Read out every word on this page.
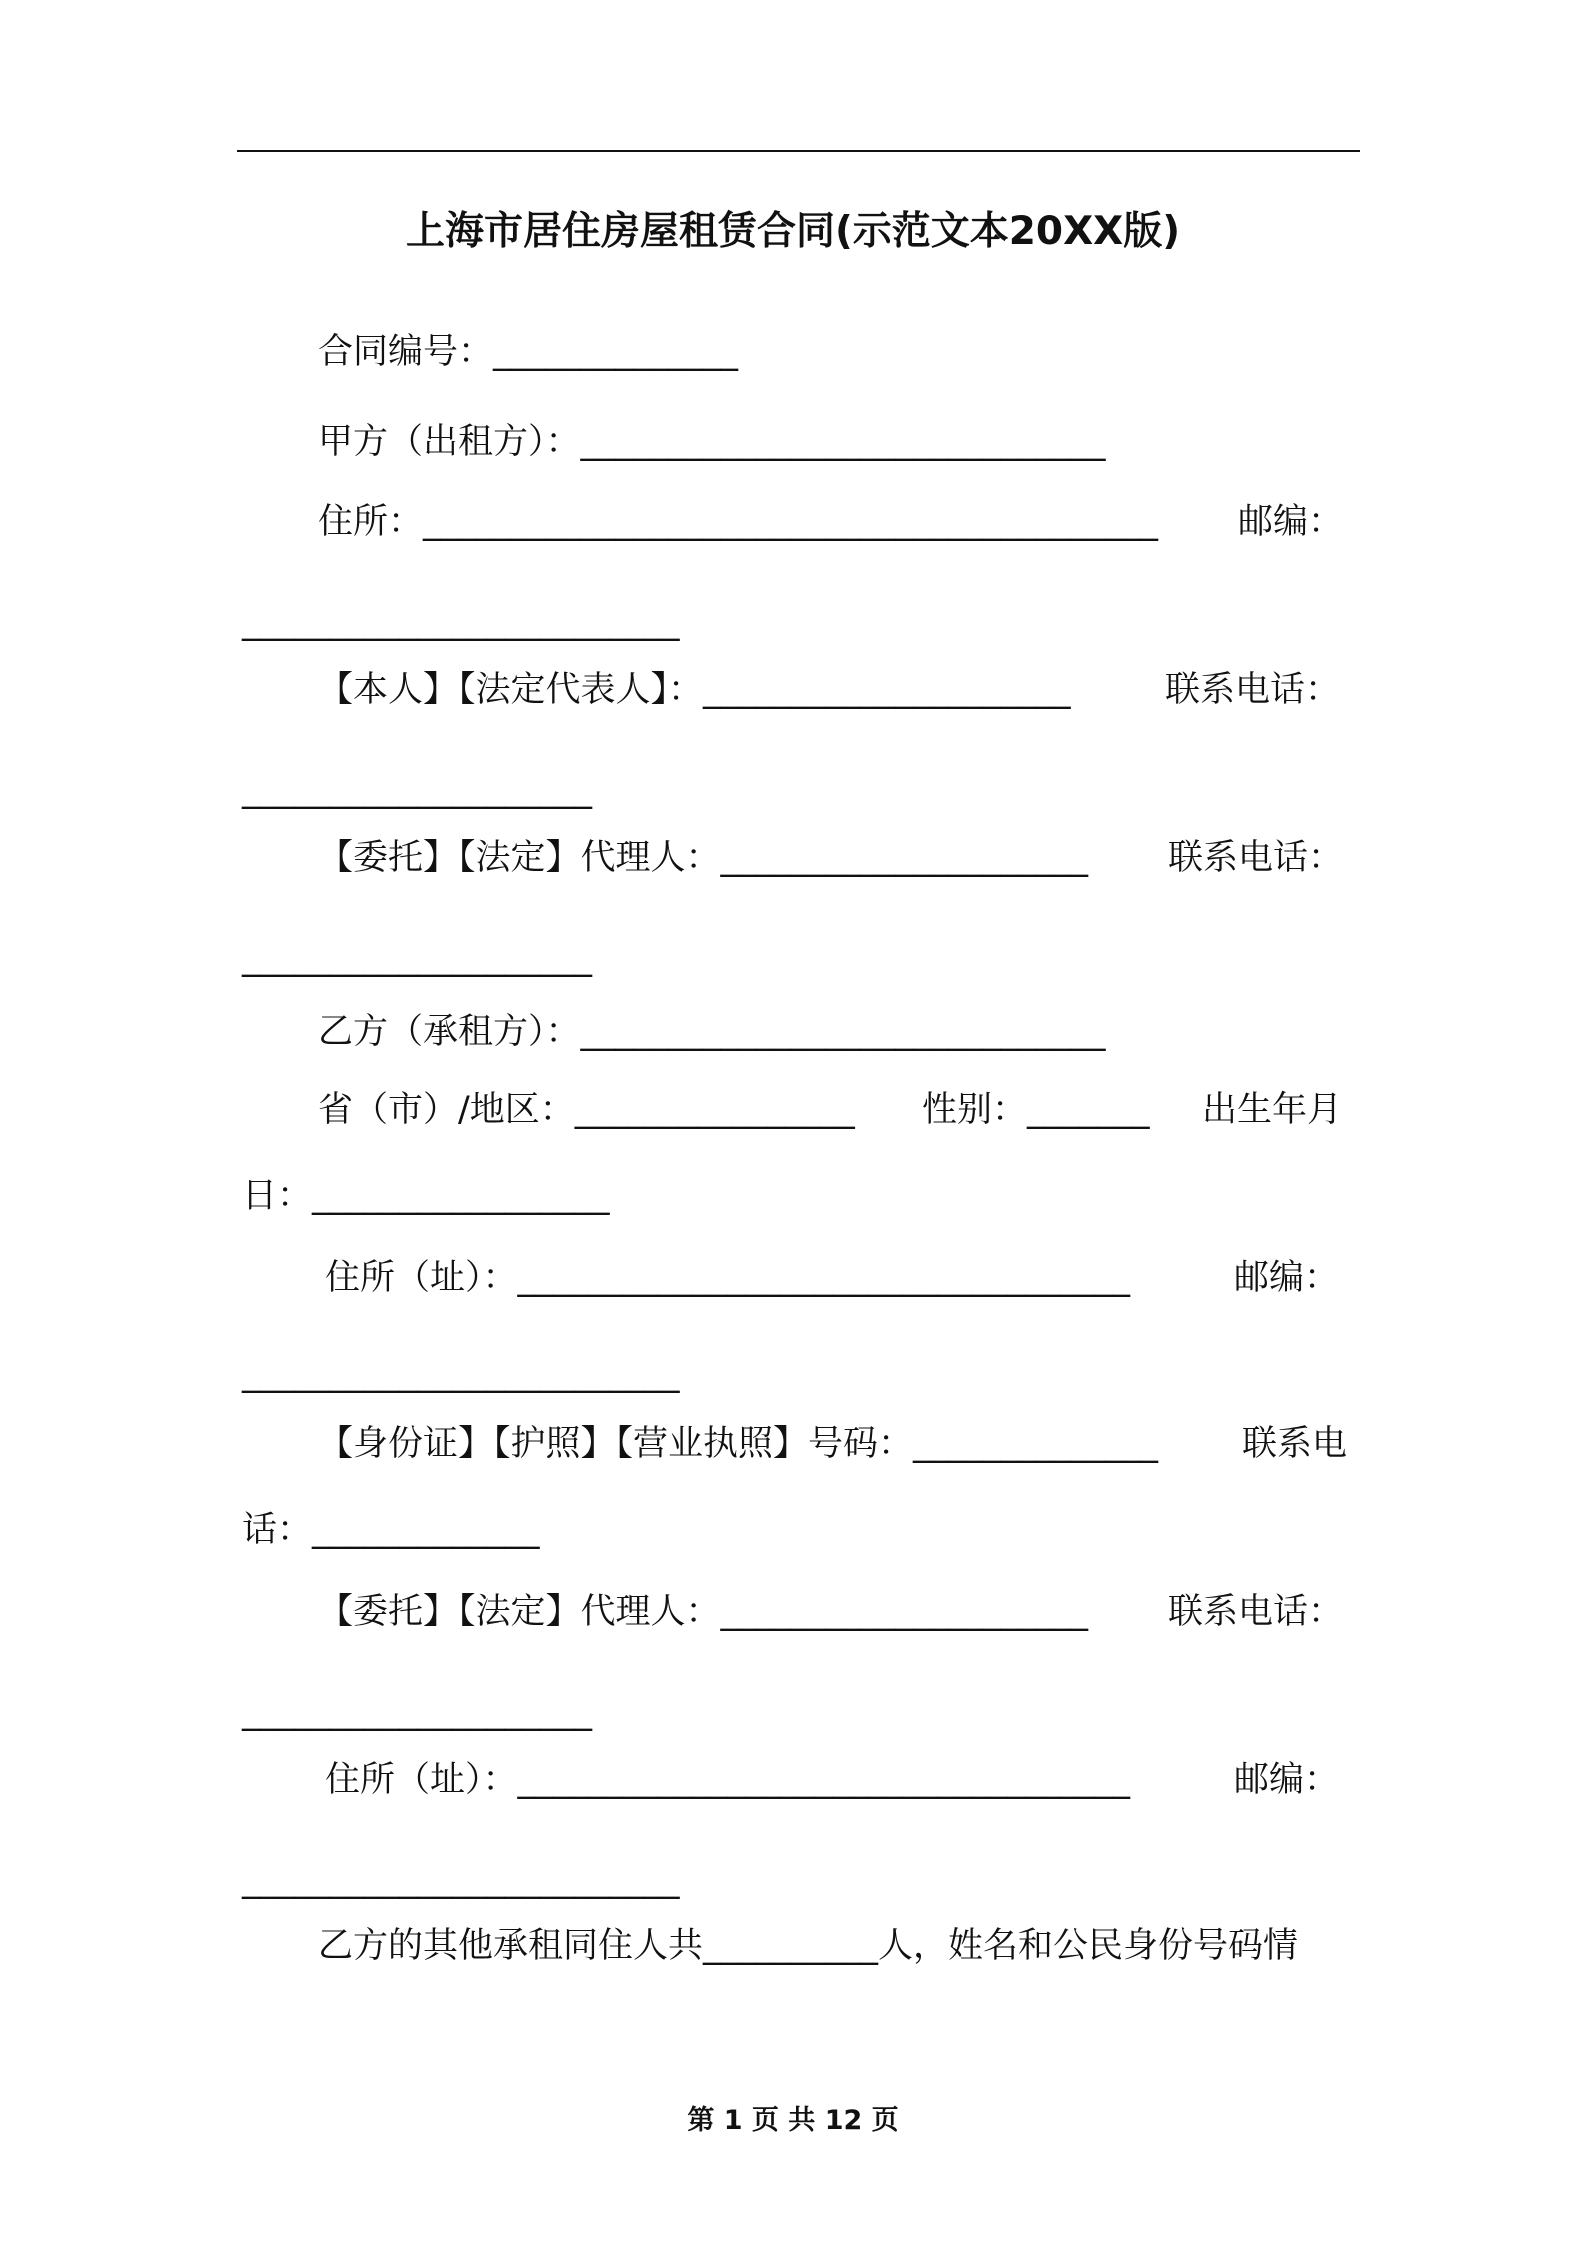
上海市居住房屋租赁合同(示范文本20XX版)
合同编号：______________
甲方（出租方）：______________________________
住所：__________________________________________ 邮编：
_________________________
【本人】【法定代表人】：_____________________	联系电话：
____________________
【委托】【法定】代理人：_____________________ 联系电话：
____________________
乙方（承租方）：______________________________
省（市）/地区：________________ 性别：_______ 出生年月
日：_________________
住所（址）：___________________________________	邮编：
_________________________
【身份证】【护照】【营业执照】号码：______________ 联系电
话：_____________
【委托】【法定】代理人：_____________________ 联系电话：
____________________
住所（址）：___________________________________	邮编：
_________________________
乙方的其他承租同住人共__________人，姓名和公民身份号码情
第 1 页 共 12 页
